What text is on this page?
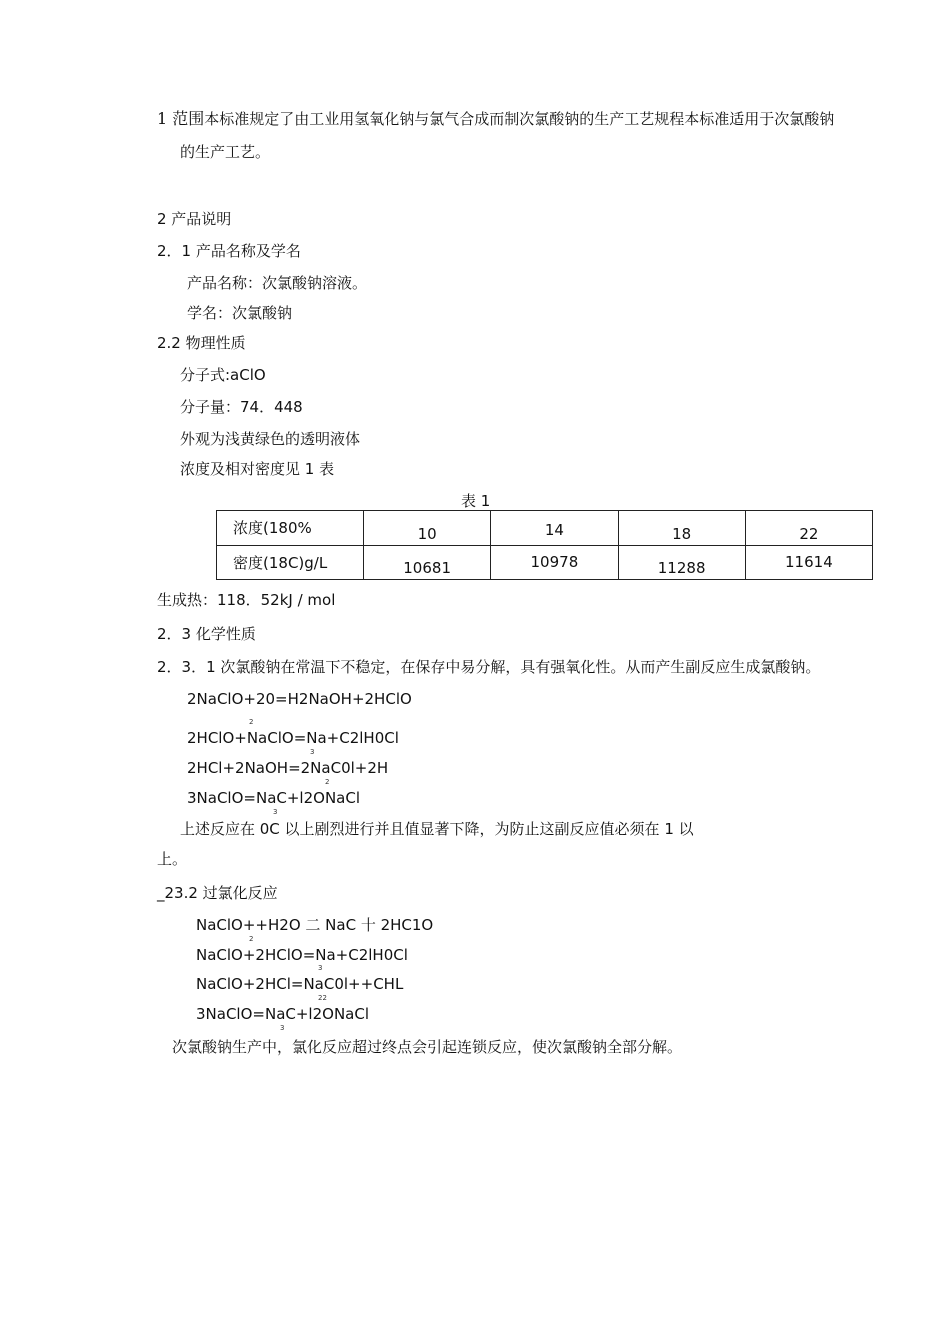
1 范围本标准规定了由工业用氢氧化钠与氯气合成而制次氯酸钠的生产工艺规程本标准适用于次氯酸钠
的生产工艺。
2 产品说明
2．1 产品名称及学名
产品名称：次氯酸钠溶液。
学名：次氯酸钠
2.2 物理性质
分子式:aClO
分子量：74．448
外观为浅黄绿色的透明液体
浓度及相对密度见 1 表
表 1
浓度(180%	10	14	18	22
密度(18C)g/L	10681	10978	11288	11614
生成热：118．52kJ / mol
2．3 化学性质
2．3．1 次氯酸钠在常温下不稳定，在保存中易分解，具有强氧化性。从而产生副反应生成氯酸钠。
2NaClO+20=H2NaOH+2HClO
2
2HClO+NaClO=Na+C2lH0Cl
3
2HCl+2NaOH=2NaC0l+2H
2
3NaClO=NaC+l2ONaCl
3
上述反应在 0C 以上剧烈进行并且值显著下降，为防止这副反应值必须在 1 以
上。
_23.2 过氯化反应
NaClO++H2O 二 NaC 十 2HC1O
2
NaClO+2HClO=Na+C2lH0Cl
3
NaClO+2HCl=NaC0l++CHL
22
3NaClO=NaC+l2ONaCl
3
次氯酸钠生产中，氯化反应超过终点会引起连锁反应，使次氯酸钠全部分解。
